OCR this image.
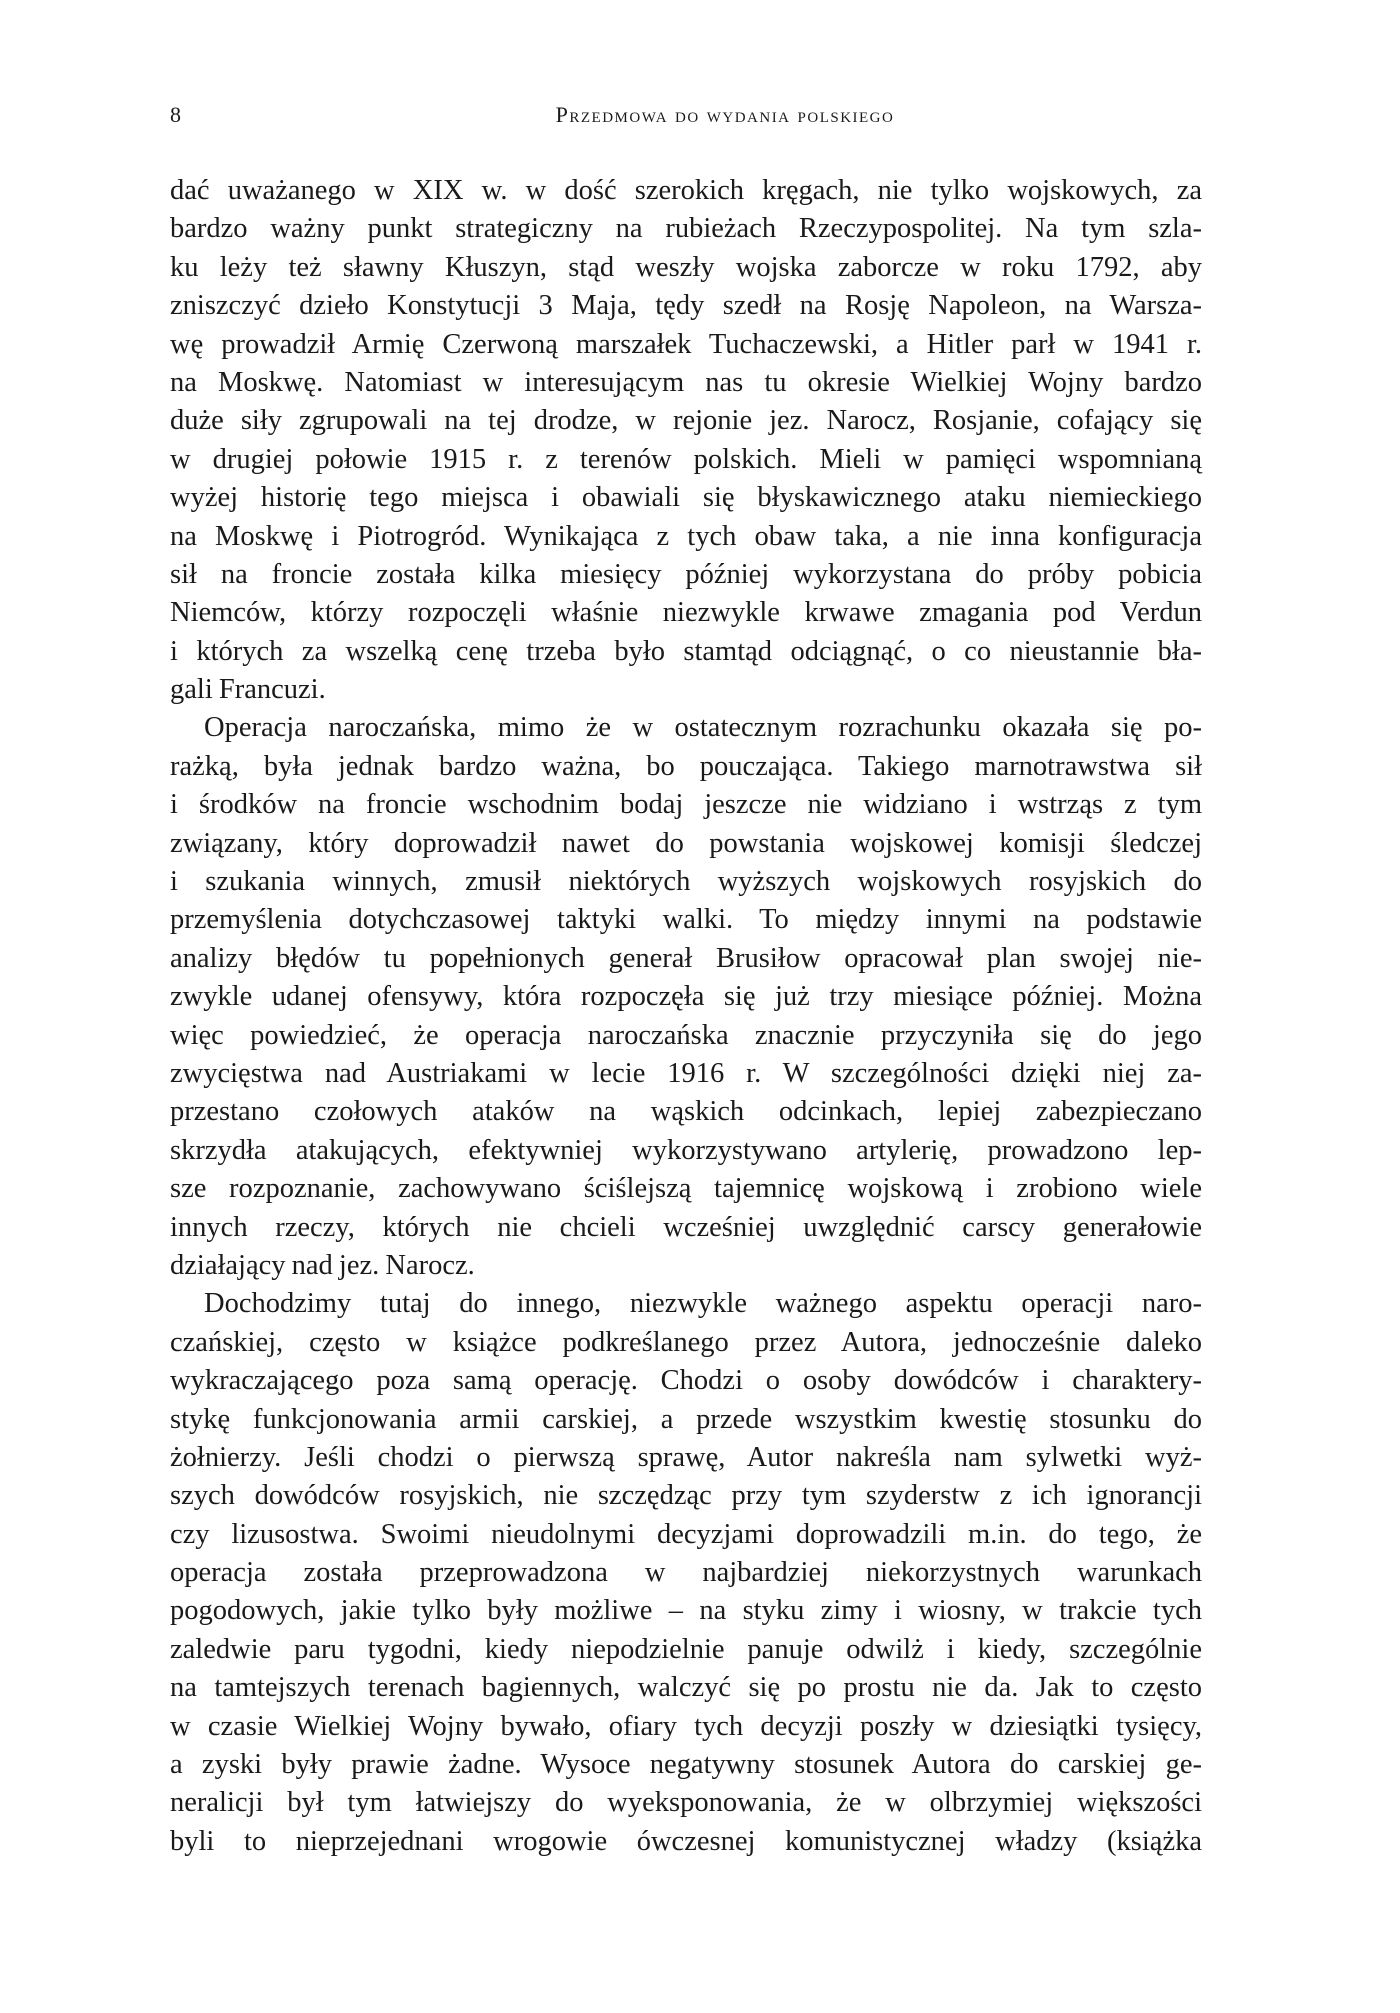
8	Przedmowa do wydania polskiego
dać uważanego w XIX w. w dość szerokich kręgach, nie tylko wojskowych, za
bardzo ważny punkt strategiczny na rubieżach Rzeczypospolitej. Na tym szla-
ku leży też sławny Kłuszyn, stąd weszły wojska zaborcze w roku 1792, aby
zniszczyć dzieło Konstytucji 3 Maja, tędy szedł na Rosję Napoleon, na Warsza-
wę prowadził Armię Czerwoną marszałek Tuchaczewski, a Hitler parł w 1941 r.
na Moskwę. Natomiast w interesującym nas tu okresie Wielkiej Wojny bardzo
duże siły zgrupowali na tej drodze, w rejonie jez. Narocz, Rosjanie, cofający się
w drugiej połowie 1915 r. z terenów polskich. Mieli w pamięci wspomnianą
wyżej historię tego miejsca i obawiali się błyskawicznego ataku niemieckiego
na Moskwę i Piotrogród. Wynikająca z tych obaw taka, a nie inna konfiguracja
sił na froncie została kilka miesięcy później wykorzystana do próby pobicia
Niemców, którzy rozpoczęli właśnie niezwykle krwawe zmagania pod Verdun
i których za wszelką cenę trzeba było stamtąd odciągnąć, o co nieustannie bła-
gali Francuzi.
Operacja naroczańska, mimo że w ostatecznym rozrachunku okazała się po-
rażką, była jednak bardzo ważna, bo pouczająca. Takiego marnotrawstwa sił
i środków na froncie wschodnim bodaj jeszcze nie widziano i wstrząs z tym
związany, który doprowadził nawet do powstania wojskowej komisji śledczej
i szukania winnych, zmusił niektórych wyższych wojskowych rosyjskich do
przemyślenia dotychczasowej taktyki walki. To między innymi na podstawie
analizy błędów tu popełnionych generał Brusiłow opracował plan swojej nie-
zwykle udanej ofensywy, która rozpoczęła się już trzy miesiące później. Można
więc powiedzieć, że operacja naroczańska znacznie przyczyniła się do jego
zwycięstwa nad Austriakami w lecie 1916 r. W szczególności dzięki niej za-
przestano czołowych ataków na wąskich odcinkach, lepiej zabezpieczano
skrzydła atakujących, efektywniej wykorzystywano artylerię, prowadzono lep-
sze rozpoznanie, zachowywano ściślejszą tajemnicę wojskową i zrobiono wiele
innych rzeczy, których nie chcieli wcześniej uwzględnić carscy generałowie
działający nad jez. Narocz.
Dochodzimy tutaj do innego, niezwykle ważnego aspektu operacji naro-
czańskiej, często w książce podkreślanego przez Autora, jednocześnie daleko
wykraczającego poza samą operację. Chodzi o osoby dowódców i charaktery-
stykę funkcjonowania armii carskiej, a przede wszystkim kwestię stosunku do
żołnierzy. Jeśli chodzi o pierwszą sprawę, Autor nakreśla nam sylwetki wyż-
szych dowódców rosyjskich, nie szczędząc przy tym szyderstw z ich ignorancji
czy lizusostwa. Swoimi nieudolnymi decyzjami doprowadzili m.in. do tego, że
operacja została przeprowadzona w najbardziej niekorzystnych warunkach
pogodowych, jakie tylko były możliwe – na styku zimy i wiosny, w trakcie tych
zaledwie paru tygodni, kiedy niepodzielnie panuje odwilż i kiedy, szczególnie
na tamtejszych terenach bagiennych, walczyć się po prostu nie da. Jak to często
w czasie Wielkiej Wojny bywało, ofiary tych decyzji poszły w dziesiątki tysięcy,
a zyski były prawie żadne. Wysoce negatywny stosunek Autora do carskiej ge-
neralicji był tym łatwiejszy do wyeksponowania, że w olbrzymiej większości
byli to nieprzejednani wrogowie ówczesnej komunistycznej władzy (książka
